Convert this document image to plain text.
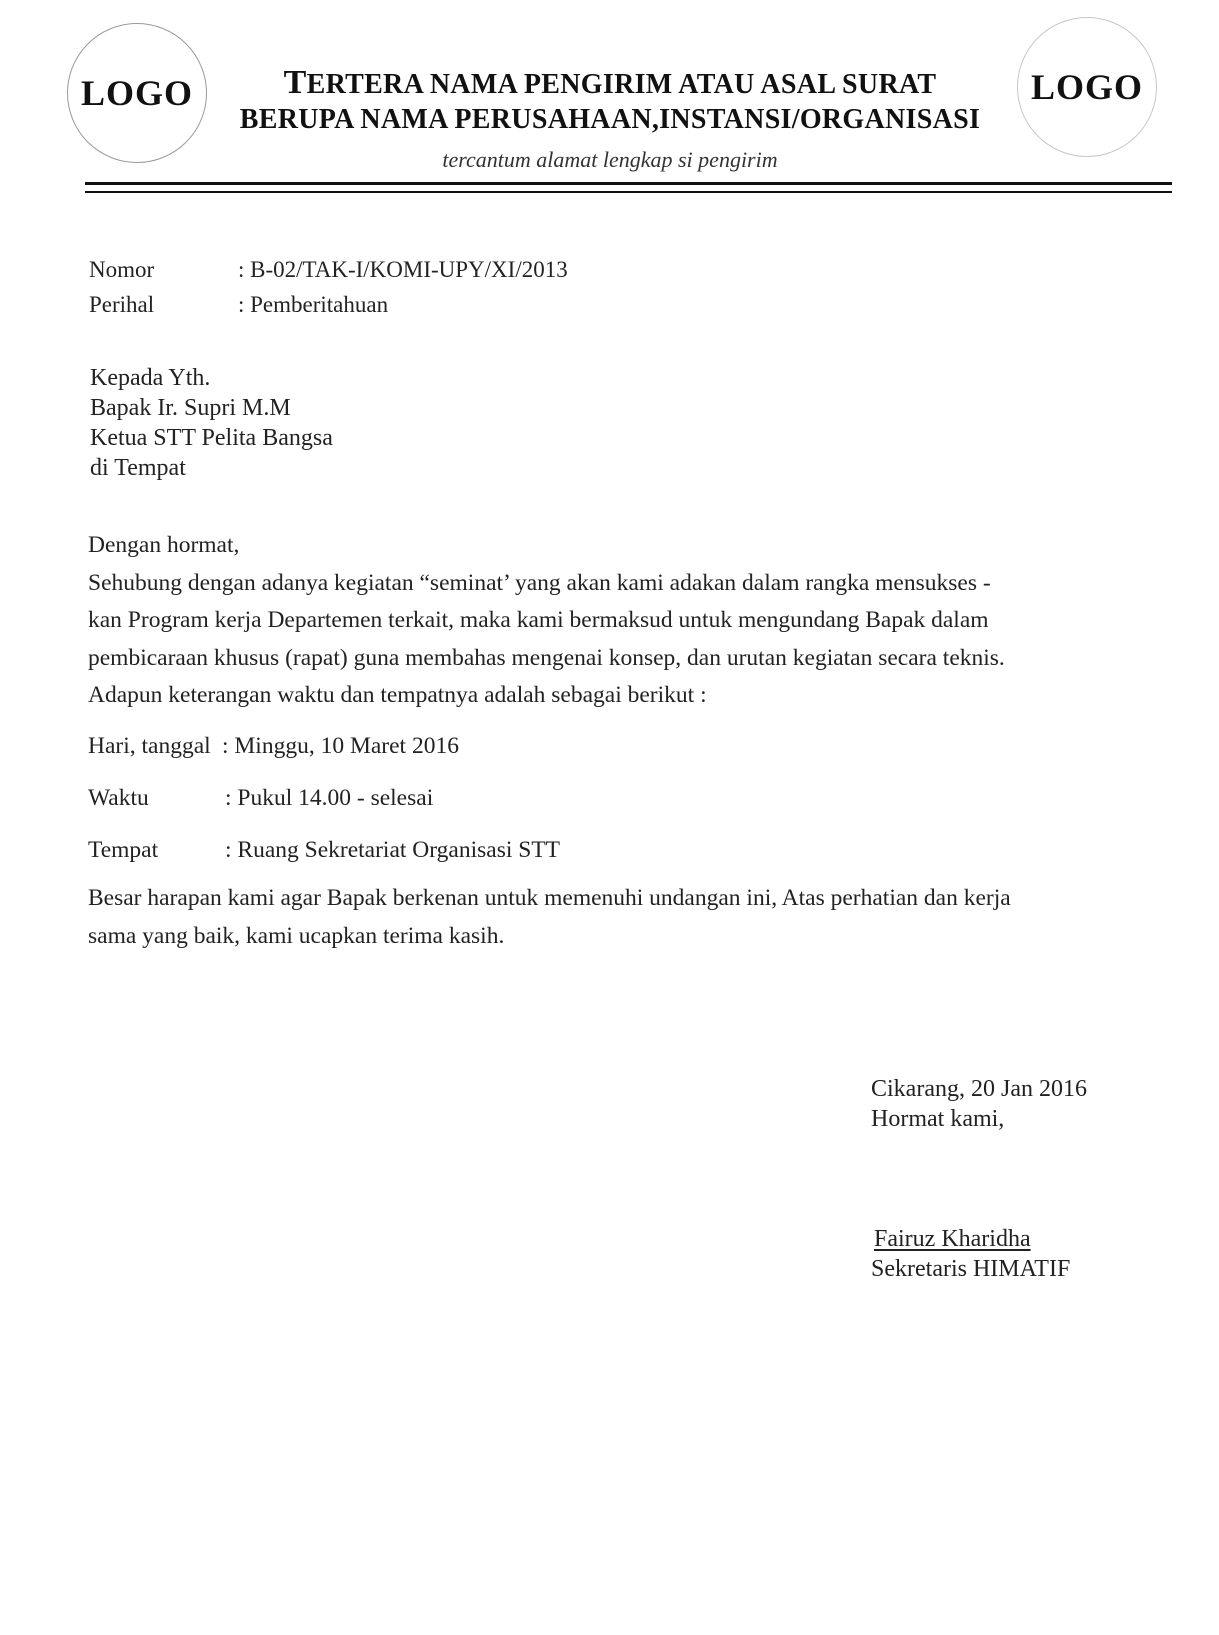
LOGO	LOGO
TERTERA NAMA PENGIRIM ATAU ASAL SURAT
BERUPA NAMA PERUSAHAAN,INSTANSI/ORGANISASI
tercantum alamat lengkap si pengirim
Nomor	: B-02/TAK-I/KOMI-UPY/XI/2013
Perihal	: Pemberitahuan
Kepada Yth.
Bapak Ir. Supri M.M
Ketua STT Pelita Bangsa
di Tempat
Dengan hormat,
Sehubung dengan adanya kegiatan “seminat’ yang akan kami adakan dalam rangka mensukses -
kan Program kerja Departemen terkait, maka kami bermaksud untuk mengundang Bapak dalam
pembicaraan khusus (rapat) guna membahas mengenai konsep, dan urutan kegiatan secara teknis.
Adapun keterangan waktu dan tempatnya adalah sebagai berikut :
Hari, tanggal : Minggu, 10 Maret 2016
Waktu	: Pukul 14.00 - selesai
Tempat	: Ruang Sekretariat Organisasi STT
Besar harapan kami agar Bapak berkenan untuk memenuhi undangan ini, Atas perhatian dan kerja
sama yang baik, kami ucapkan terima kasih.
Cikarang, 20 Jan 2016
Hormat kami,
Fairuz Kharidha
Sekretaris HIMATIF
